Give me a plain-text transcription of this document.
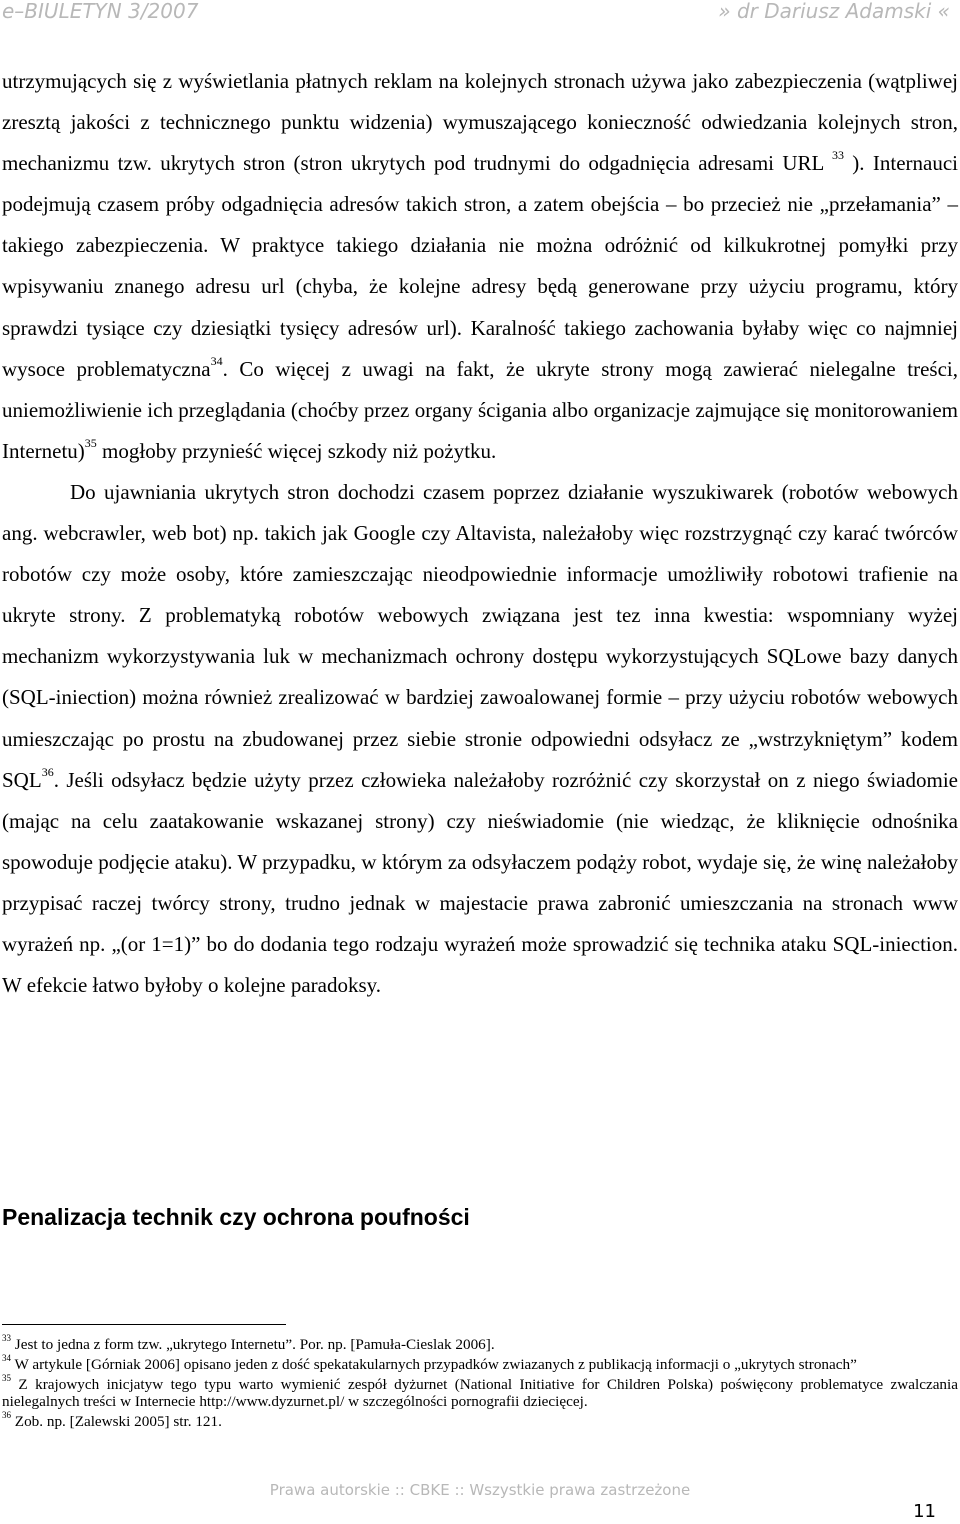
e–BIULETYN 3/2007	» dr Dariusz Adamski «

utrzymujących się z wyświetlania płatnych reklam na kolejnych stronach używa jako zabezpieczenia (wątpliwej zresztą jakości z technicznego punktu widzenia) wymuszającego konieczność odwiedzania kolejnych stron, mechanizmu tzw. ukrytych stron (stron ukrytych pod trudnymi do odgadnięcia adresami URL $^{33}$ ). Internauci podejmują czasem próby odgadnięcia adresów takich stron, a zatem obejścia – bo przecież nie „przełamania” – takiego zabezpieczenia. W praktyce takiego działania nie można odróżnić od kilkukrotnej pomyłki przy wpisywaniu znanego adresu url (chyba, że kolejne adresy będą generowane przy użyciu programu, który sprawdzi tysiące czy dziesiątki tysięcy adresów url). Karalność takiego zachowania byłaby więc co najmniej wysoce problematyczna$^{34}$. Co więcej z uwagi na fakt, że ukryte strony mogą zawierać nielegalne treści, uniemożliwienie ich przeglądania (choćby przez organy ścigania albo organizacje zajmujące się monitorowaniem Internetu)$^{35}$ mogłoby przynieść więcej szkody niż pożytku.

Do ujawniania ukrytych stron dochodzi czasem poprzez działanie wyszukiwarek (robotów webowych ang. webcrawler, web bot) np. takich jak Google czy Altavista, należałoby więc rozstrzygnąć czy karać twórców robotów czy może osoby, które zamieszczając nieodpowiednie informacje umożliwiły robotowi trafienie na ukryte strony. Z problematyką robotów webowych związana jest tez inna kwestia: wspomniany wyżej mechanizm wykorzystywania luk w mechanizmach ochrony dostępu wykorzystujących SQLowe bazy danych (SQL-iniection) można również zrealizować w bardziej zawoalowanej formie – przy użyciu robotów webowych umieszczając po prostu na zbudowanej przez siebie stronie odpowiedni odsyłacz ze „wstrzykniętym” kodem SQL$^{36}$. Jeśli odsyłacz będzie użyty przez człowieka należałoby rozróżnić czy skorzystał on z niego świadomie (mając na celu zaatakowanie wskazanej strony) czy nieświadomie (nie wiedząc, że kliknięcie odnośnika spowoduje podjęcie ataku). W przypadku, w którym za odsyłaczem podąży robot, wydaje się, że winę należałoby przypisać raczej twórcy strony, trudno jednak w majestacie prawa zabronić umieszczania na stronach www wyrażeń np. „(or 1=1)” bo do dodania tego rodzaju wyrażeń może sprowadzić się technika ataku SQL-iniection. W efekcie łatwo byłoby o kolejne paradoksy.

Penalizacja technik czy ochrona poufności

$^{33}$ Jest to jedna z form tzw. „ukrytego Internetu”. Por. np. [Pamuła-Cieslak 2006].

$^{34}$ W artykule [Górniak 2006] opisano jeden z dość spekatakularnych przypadków zwiazanych z publikacją informacji o „ukrytych stronach”

$^{35}$ Z krajowych inicjatyw tego typu warto wymienić zespół dyżurnet (National Initiative for Children Polska) poświęcony problematyce zwalczania nielegalnych treści w Internecie http://www.dyzurnet.pl/ w szczególności pornografii dziecięcej.

$^{36}$ Zob. np. [Zalewski 2005] str. 121.

Prawa autorskie :: CBKE :: Wszystkie prawa zastrzeżone
11
